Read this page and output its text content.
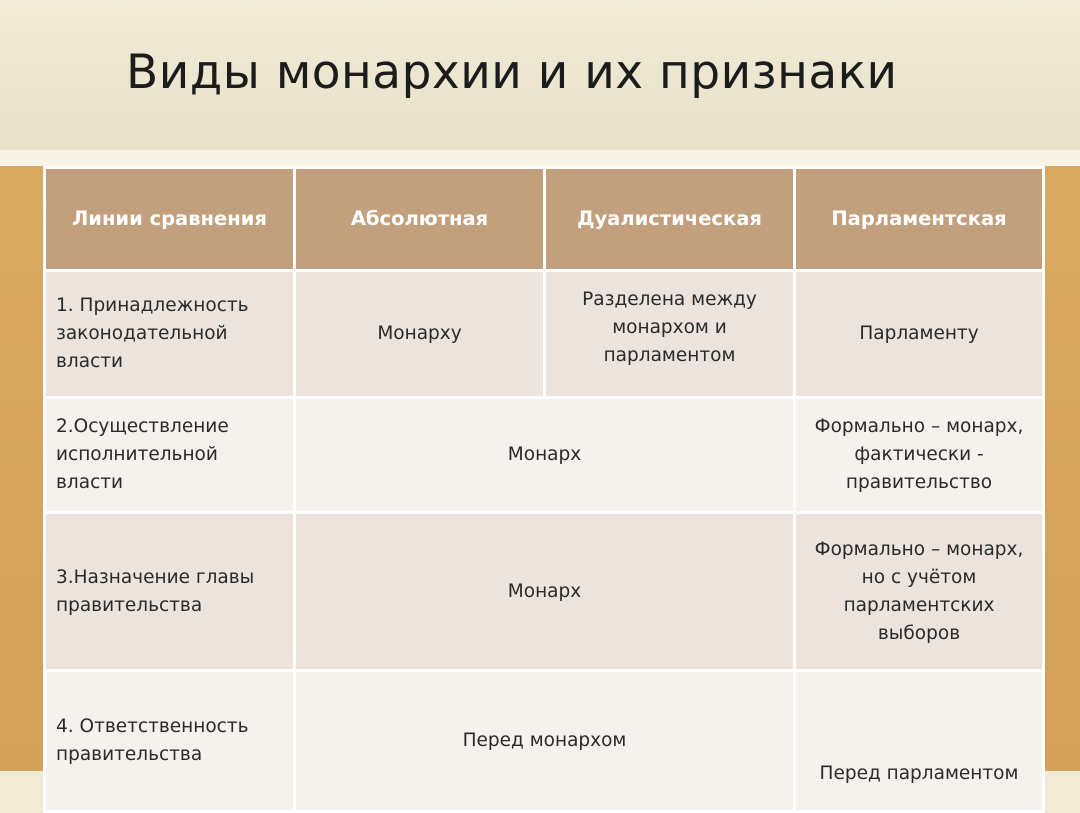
Виды монархии и их признаки
Линии сравнения	Абсолютная	Дуалистическая	Парламентская

1. Принадлежность
законодательной
власти	Монарху	Разделена между
монархом и
парламентом	Парламенту

2.Осуществление
исполнительной
власти	Монарх		Формально – монарх,
фактически -
правительство

3.Назначение главы
правительства	Монарх		Формально – монарх,
но с учётом
парламентских
выборов

4. Ответственность
правительства	Перед монархом		Перед парламентом
